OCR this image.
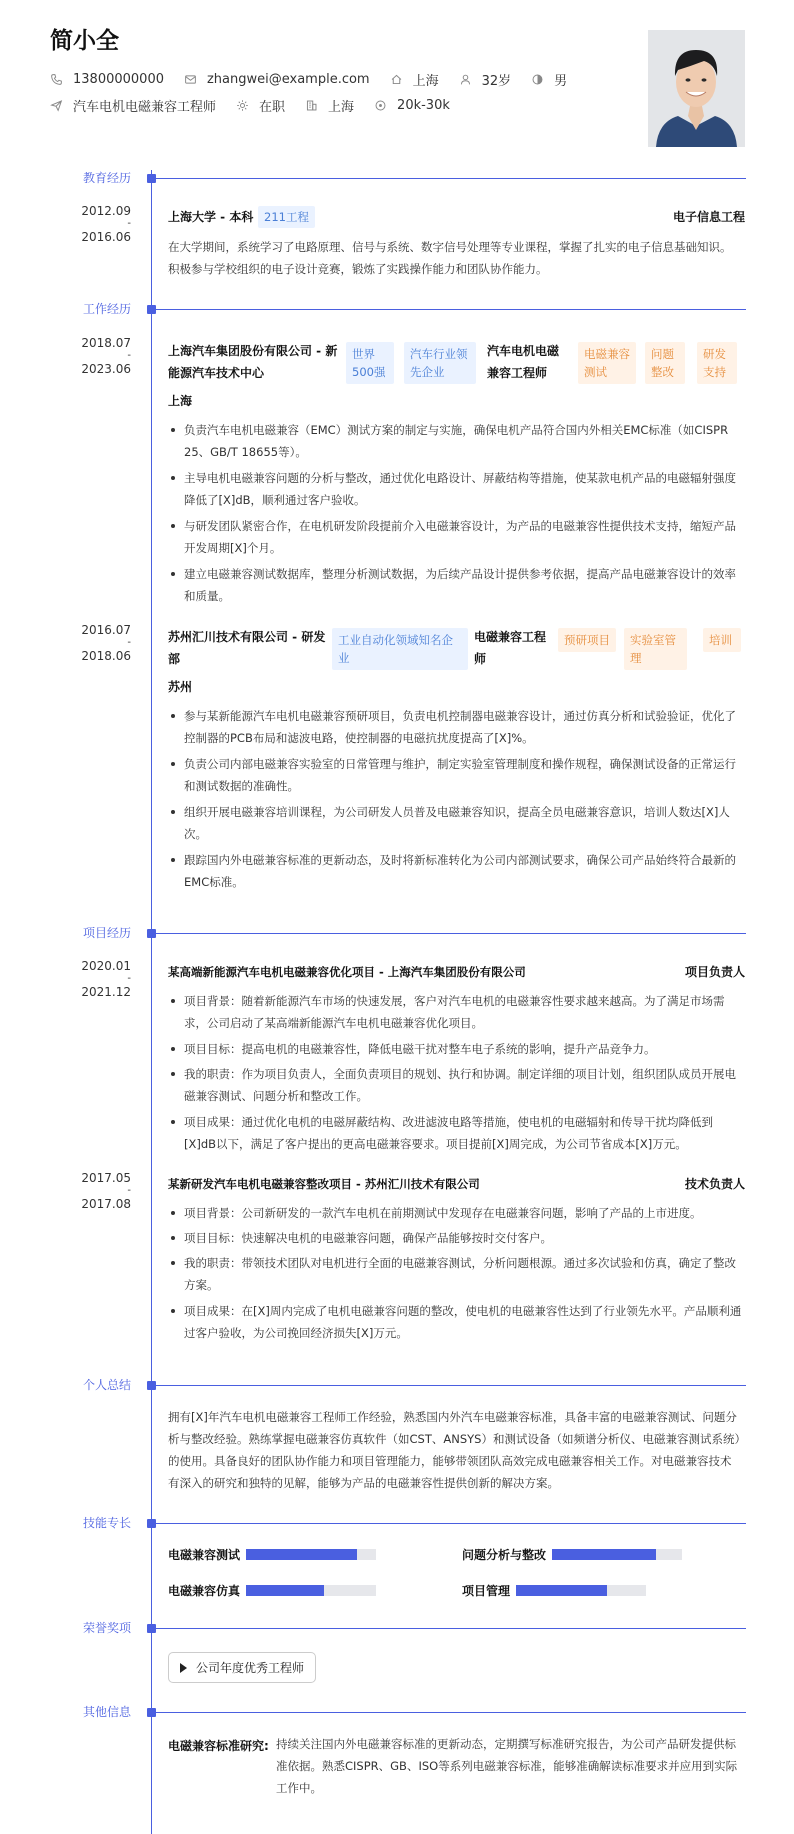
简小全
13800000000	zhangwei@example.com	上海	32岁	男
汽车电机电磁兼容工程师	在职	上海	20k-30k
教育经历
2012.09
-
2016.06
上海大学 - 本科 211工程	电子信息工程
在大学期间，系统学习了电路原理、信号与系统、数字信号处理等专业课程，掌握了扎实的电子信息基础知识。积极参与学校组织的电子设计竞赛，锻炼了实践操作能力和团队协作能力。
工作经历
2018.07
-
2023.06
上海汽车集团股份有限公司 - 新能源汽车技术中心
世界500强
汽车行业领先企业
汽车电机电磁兼容工程师
电磁兼容测试
问题整改
研发支持
上海
负责汽车电机电磁兼容（EMC）测试方案的制定与实施，确保电机产品符合国内外相关EMC标准（如CISPR 25、GB/T 18655等）。
主导电机电磁兼容问题的分析与整改，通过优化电路设计、屏蔽结构等措施，使某款电机产品的电磁辐射强度降低了[X]dB，顺利通过客户验收。
与研发团队紧密合作，在电机研发阶段提前介入电磁兼容设计，为产品的电磁兼容性提供技术支持，缩短产品开发周期[X]个月。
建立电磁兼容测试数据库，整理分析测试数据，为后续产品设计提供参考依据，提高产品电磁兼容设计的效率和质量。
2016.07
-
2018.06
苏州汇川技术有限公司 - 研发部
工业自动化领域知名企业
电磁兼容工程师
预研项目	实验室管理
培训
苏州
参与某新能源汽车电机电磁兼容预研项目，负责电机控制器电磁兼容设计，通过仿真分析和试验验证，优化了控制器的PCB布局和滤波电路，使控制器的电磁抗扰度提高了[X]%。
负责公司内部电磁兼容实验室的日常管理与维护，制定实验室管理制度和操作规程，确保测试设备的正常运行和测试数据的准确性。
组织开展电磁兼容培训课程，为公司研发人员普及电磁兼容知识，提高全员电磁兼容意识，培训人数达[X]人次。
跟踪国内外电磁兼容标准的更新动态，及时将新标准转化为公司内部测试要求，确保公司产品始终符合最新的EMC标准。
项目经历
2020.01
-
2021.12
某高端新能源汽车电机电磁兼容优化项目 - 上海汽车集团股份有限公司	项目负责人
项目背景：随着新能源汽车市场的快速发展，客户对汽车电机的电磁兼容性要求越来越高。为了满足市场需求，公司启动了某高端新能源汽车电机电磁兼容优化项目。
项目目标：提高电机的电磁兼容性，降低电磁干扰对整车电子系统的影响，提升产品竞争力。
我的职责：作为项目负责人，全面负责项目的规划、执行和协调。制定详细的项目计划，组织团队成员开展电磁兼容测试、问题分析和整改工作。
项目成果：通过优化电机的电磁屏蔽结构、改进滤波电路等措施，使电机的电磁辐射和传导干扰均降低到[X]dB以下，满足了客户提出的更高电磁兼容要求。项目提前[X]周完成，为公司节省成本[X]万元。
2017.05
-
2017.08
某新研发汽车电机电磁兼容整改项目 - 苏州汇川技术有限公司	技术负责人
项目背景：公司新研发的一款汽车电机在前期测试中发现存在电磁兼容问题，影响了产品的上市进度。
项目目标：快速解决电机的电磁兼容问题，确保产品能够按时交付客户。
我的职责：带领技术团队对电机进行全面的电磁兼容测试，分析问题根源。通过多次试验和仿真，确定了整改方案。
项目成果：在[X]周内完成了电机电磁兼容问题的整改，使电机的电磁兼容性达到了行业领先水平。产品顺利通过客户验收，为公司挽回经济损失[X]万元。
个人总结
拥有[X]年汽车电机电磁兼容工程师工作经验，熟悉国内外汽车电磁兼容标准，具备丰富的电磁兼容测试、问题分析与整改经验。熟练掌握电磁兼容仿真软件（如CST、ANSYS）和测试设备（如频谱分析仪、电磁兼容测试系统）的使用。具备良好的团队协作能力和项目管理能力，能够带领团队高效完成电磁兼容相关工作。对电磁兼容技术有深入的研究和独特的见解，能够为产品的电磁兼容性提供创新的解决方案。
技能专长
电磁兼容测试	问题分析与整改
电磁兼容仿真	项目管理
荣誉奖项
公司年度优秀工程师
其他信息
电磁兼容标准研究: 持续关注国内外电磁兼容标准的更新动态，定期撰写标准研究报告，为公司产品研发提供标准依据。熟悉CISPR、GB、ISO等系列电磁兼容标准，能够准确解读标准要求并应用到实际工作中。
